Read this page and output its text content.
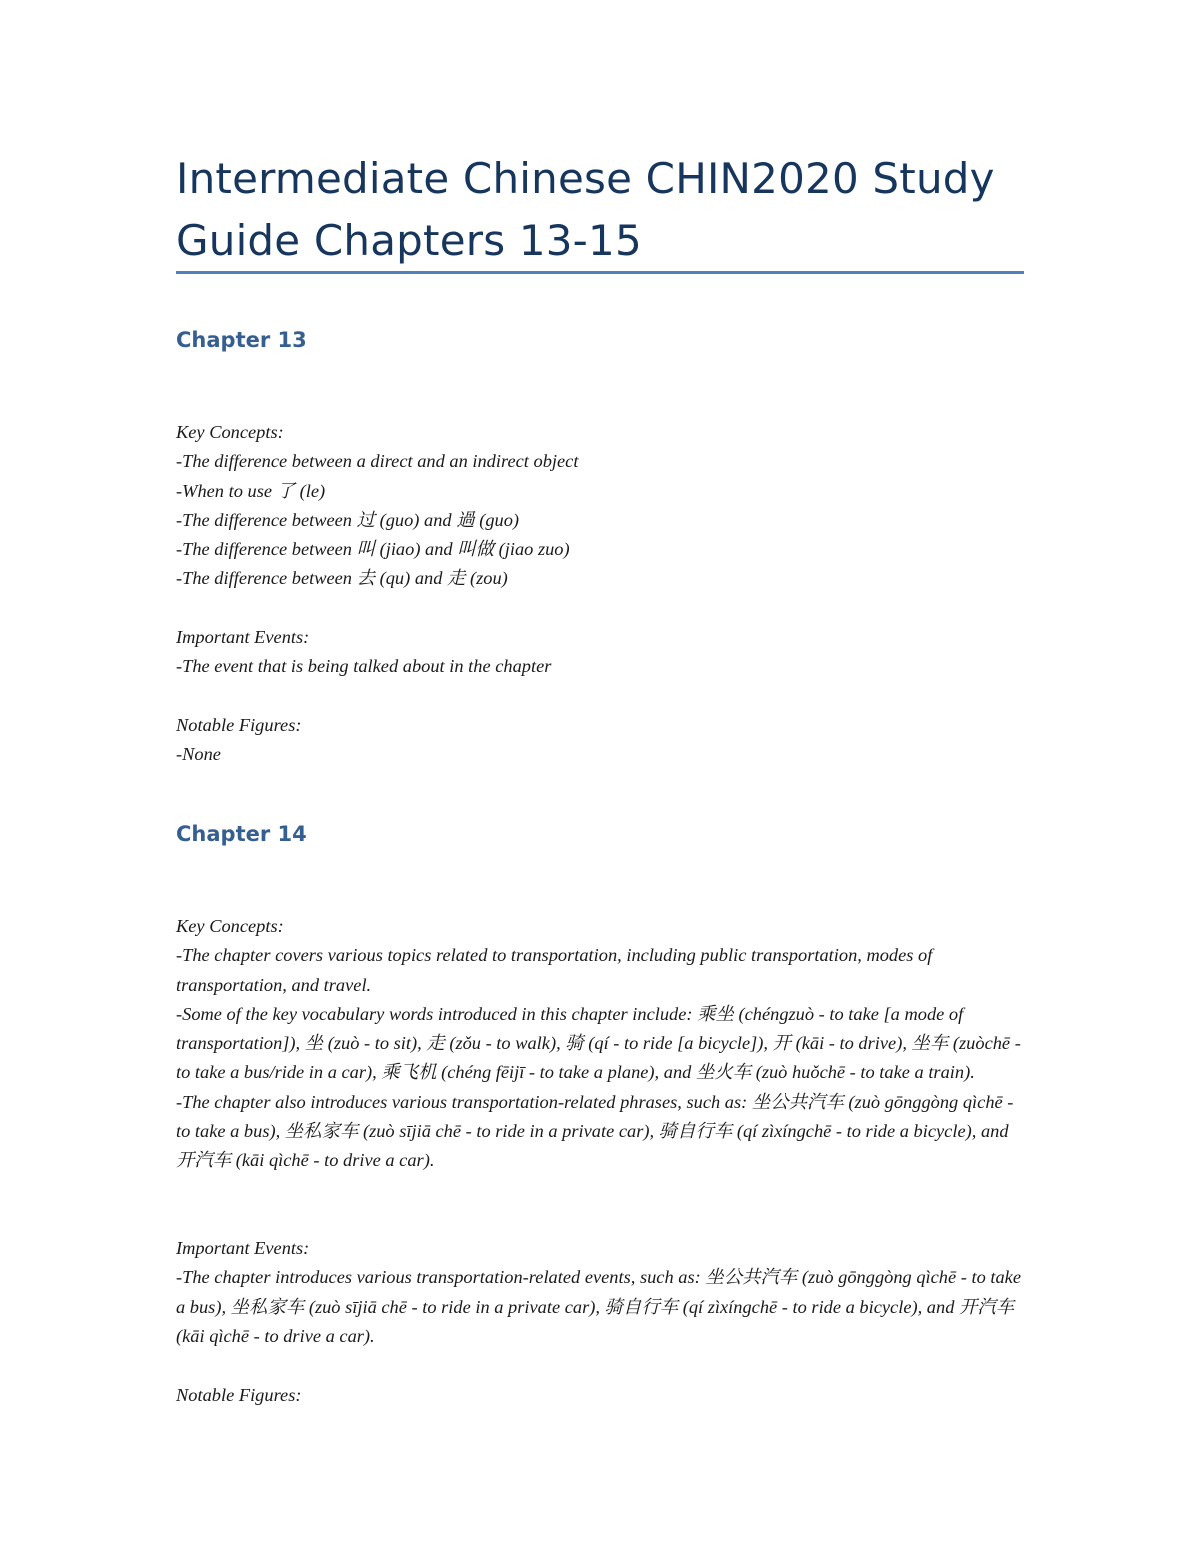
Intermediate Chinese CHIN2020 Study Guide Chapters 13-15
Chapter 13
Key Concepts:
-The difference between a direct and an indirect object
-When to use 了 (le)
-The difference between 过 (guo) and 過 (guo)
-The difference between 叫 (jiao) and 叫做 (jiao zuo)
-The difference between 去 (qu) and 走 (zou)
Important Events:
-The event that is being talked about in the chapter
Notable Figures:
-None
Chapter 14
Key Concepts:
-The chapter covers various topics related to transportation, including public transportation, modes of transportation, and travel.
-Some of the key vocabulary words introduced in this chapter include: 乘坐 (chéngzuò - to take [a mode of transportation]), 坐 (zuò - to sit), 走 (zǒu - to walk), 骑 (qí - to ride [a bicycle]), 开 (kāi - to drive), 坐车 (zuòchē - to take a bus/ride in a car), 乘飞机 (chéng fēijī - to take a plane), and 坐火车 (zuò huǒchē - to take a train).
-The chapter also introduces various transportation-related phrases, such as: 坐公共汽车 (zuò gōnggòng qìchē - to take a bus), 坐私家车 (zuò sījiā chē - to ride in a private car), 骑自行车 (qí zìxíngchē - to ride a bicycle), and 开汽车 (kāi qìchē - to drive a car).
Important Events:
-The chapter introduces various transportation-related events, such as: 坐公共汽车 (zuò gōnggòng qìchē - to take a bus), 坐私家车 (zuò sījiā chē - to ride in a private car), 骑自行车 (qí zìxíngchē - to ride a bicycle), and 开汽车 (kāi qìchē - to drive a car).
Notable Figures:
